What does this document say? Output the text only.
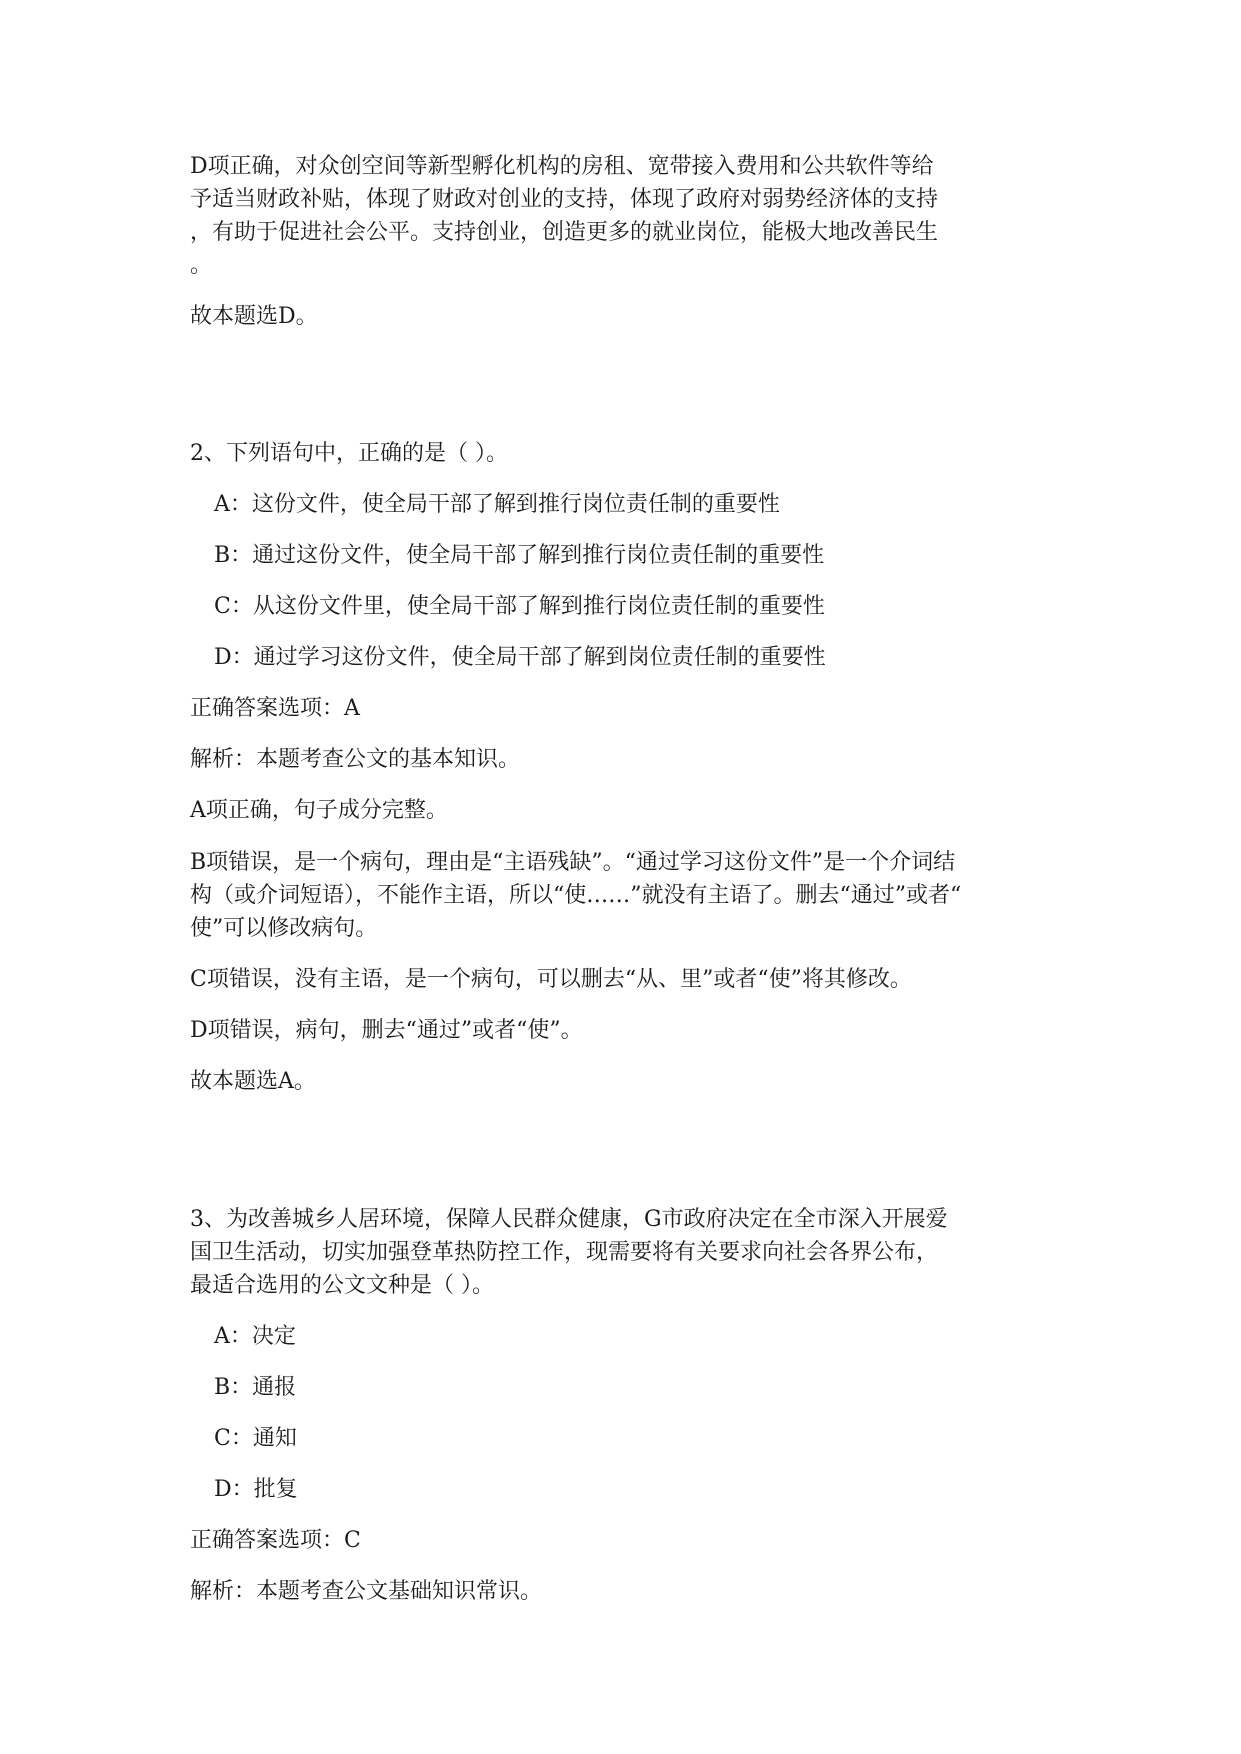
D项正确，对众创空间等新型孵化机构的房租、宽带接入费用和公共软件等给
予适当财政补贴，体现了财政对创业的支持，体现了政府对弱势经济体的支持
，有助于促进社会公平。支持创业，创造更多的就业岗位，能极大地改善民生
。
故本题选D。
2、下列语句中，正确的是（ ）。
A：这份文件，使全局干部了解到推行岗位责任制的重要性
B：通过这份文件，使全局干部了解到推行岗位责任制的重要性
C：从这份文件里，使全局干部了解到推行岗位责任制的重要性
D：通过学习这份文件，使全局干部了解到岗位责任制的重要性
正确答案选项：A
解析：本题考查公文的基本知识。
A项正确，句子成分完整。
B项错误，是一个病句，理由是“主语残缺”。“通过学习这份文件”是一个介词结
构（或介词短语），不能作主语，所以“使……”就没有主语了。删去“通过”或者“
使”可以修改病句。
C项错误，没有主语，是一个病句，可以删去“从、里”或者“使”将其修改。
D项错误，病句，删去“通过”或者“使”。
故本题选A。
3、为改善城乡人居环境，保障人民群众健康，G市政府决定在全市深入开展爱
国卫生活动，切实加强登革热防控工作，现需要将有关要求向社会各界公布，
最适合选用的公文文种是（ ）。
A：决定
B：通报
C：通知
D：批复
正确答案选项：C
解析：本题考查公文基础知识常识。
